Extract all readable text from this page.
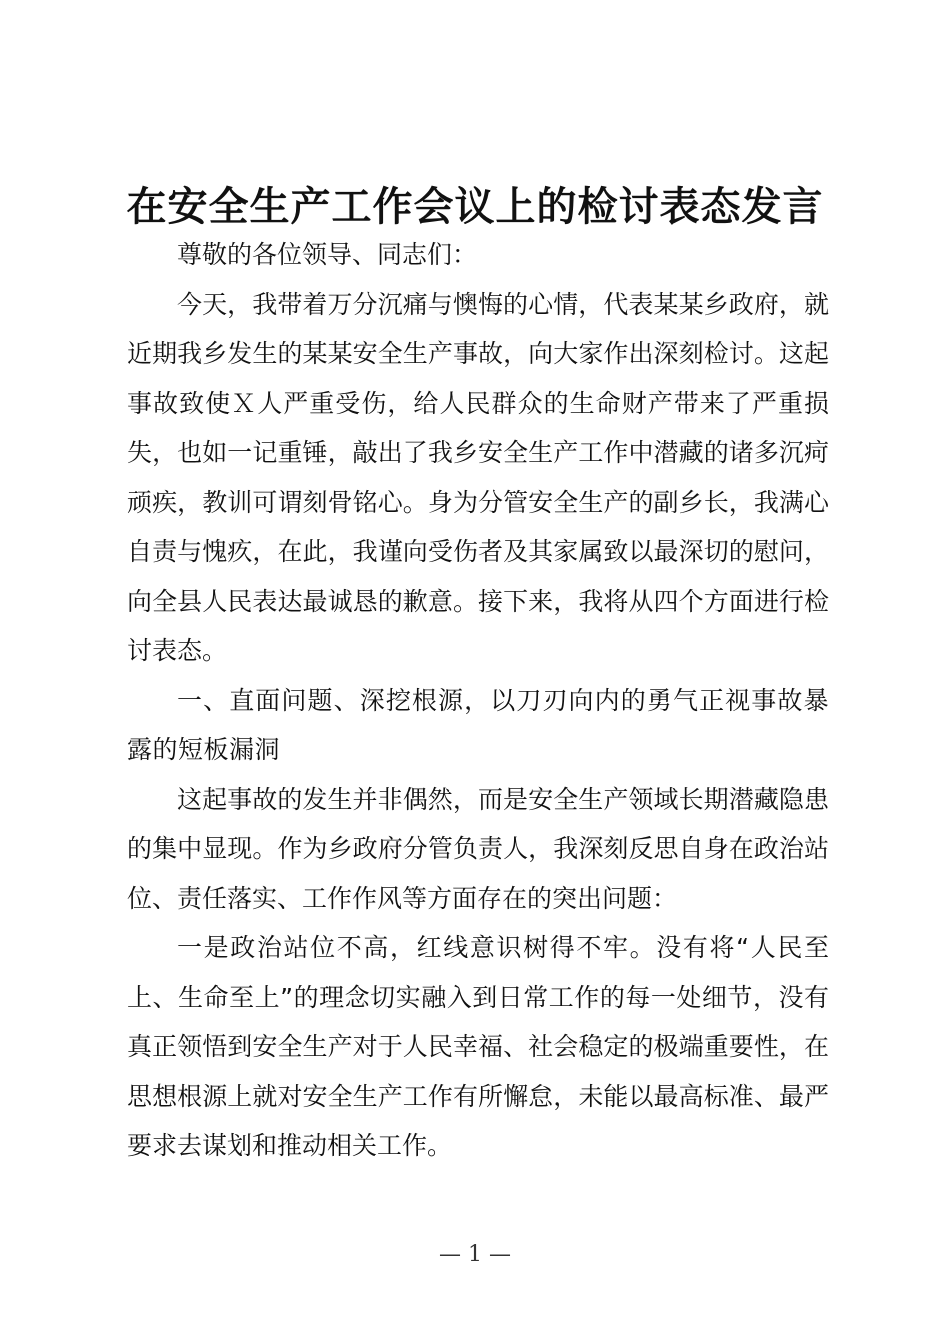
在安全生产工作会议上的检讨表态发言

尊敬的各位领导、同志们：

今天，我带着万分沉痛与懊悔的心情，代表某某乡政府，就近期我乡发生的某某安全生产事故，向大家作出深刻检讨。这起事故致使Ｘ人严重受伤，给人民群众的生命财产带来了严重损失，也如一记重锤，敲出了我乡安全生产工作中潜藏的诸多沉疴顽疾，教训可谓刻骨铭心。身为分管安全生产的副乡长，我满心自责与愧疚，在此，我谨向受伤者及其家属致以最深切的慰问，向全县人民表达最诚恳的歉意。接下来，我将从四个方面进行检讨表态。

一、直面问题、深挖根源，以刀刃向内的勇气正视事故暴露的短板漏洞

这起事故的发生并非偶然，而是安全生产领域长期潜藏隐患的集中显现。作为乡政府分管负责人，我深刻反思自身在政治站位、责任落实、工作作风等方面存在的突出问题：

一是政治站位不高，红线意识树得不牢。没有将“人民至上、生命至上”的理念切实融入到日常工作的每一处细节，没有真正领悟到安全生产对于人民幸福、社会稳定的极端重要性，在思想根源上就对安全生产工作有所懈怠，未能以最高标准、最严要求去谋划和推动相关工作。

— 1 —
